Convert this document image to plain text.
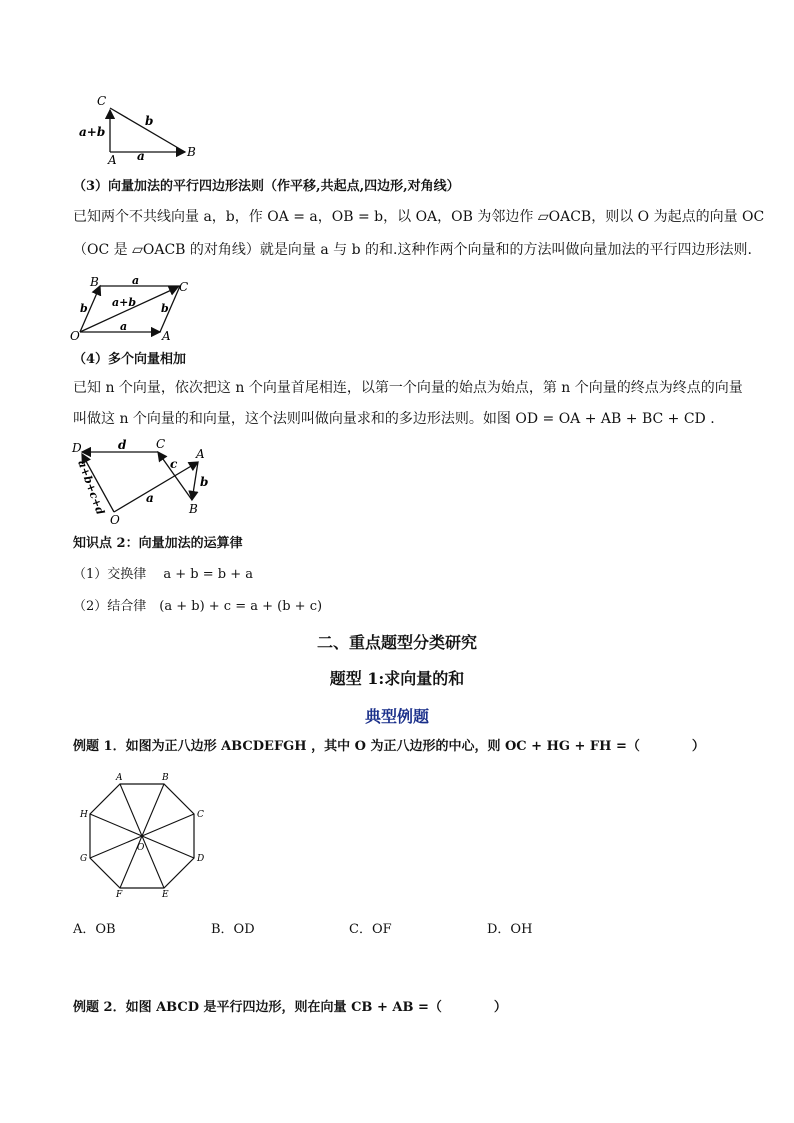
C
A
B
a+b
b
a
（3）向量加法的平行四边形法则（作平移,共起点,四边形,对角线）
已知两个不共线向量 a，b，作 OA = a，OB = b，以 OA，OB 为邻边作 ▱OACB，则以 O 为起点的向量 OC
（OC 是 ▱OACB 的对角线）就是向量 a 与 b 的和.这种作两个向量和的方法叫做向量加法的平行四边形法则.
B	C
O	A
a
a
b	b
a+b
（4）多个向量相加
已知 n 个向量，依次把这 n 个向量首尾相连，以第一个向量的始点为始点，第 n 个向量的终点为终点的向量
叫做这 n 个向量的和向量，这个法则叫做向量求和的多边形法则。如图 OD = OA + AB + BC + CD .
D	C
A
B
O
d
c
b
a
a+b+c+d
知识点 2：向量加法的运算律
（1）交换律　 a + b = b + a
（2）结合律　(a + b) + c = a + (b + c)
二、重点题型分类研究
题型 1:求向量的和
典型例题
例题 1．如图为正八边形 ABCDEFGH ，其中 O 为正八边形的中心，则 OC + HG + FH =（　　　　）
A	B
C
D
E
F
G
H
O
A．OB	B．OD	C．OF	D．OH
例题 2．如图 ABCD 是平行四边形，则在向量 CB + AB =（　　　　）
